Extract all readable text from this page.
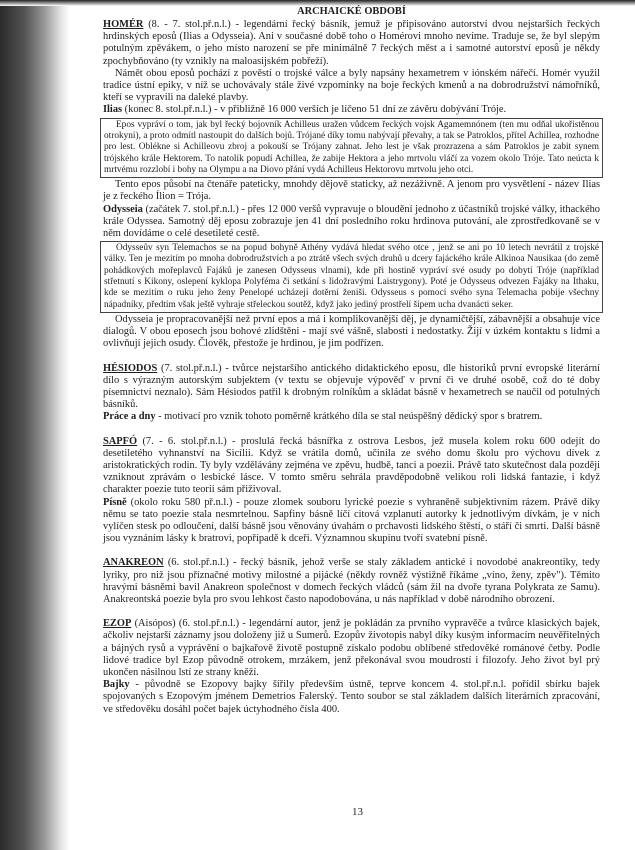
ARCHAICKÉ OBDOBÍ

HOMÉR (8. - 7. stol.př.n.l.) - legendární řecký básník, jemuž je připisováno autorství dvou nejstarších řeckých hrdinských eposů (Ilias a Odysseia). Ani v současné době toho o Homérovi mnoho nevíme. Traduje se, že byl slepým potulným zpěvákem, o jeho místo narození se pře minimálně 7 řeckých měst a i samotné autorství eposů je někdy zpochybňováno (ty vznikly na maloasijském pobřeží).

Námět obou eposů pochází z pověstí o trojské válce a byly napsány hexametrem v iónském nářečí. Homér využil tradice ústní epiky, v níž se uchovávaly stále živé vzpomínky na boje řeckých kmenů a na dobrodružství námořníků, kteří se vypravili na daleké plavby.

Ilias (konec 8. stol.př.n.l.) - v přibližně 16 000 verších je líčeno 51 dní ze závěru dobývání Tróje.

Epos vypráví o tom, jak byl řecký bojovník Achilleus uražen vůdcem řeckých vojsk Agamemnónem (ten mu odňal ukořistěnou otrokyni), a proto odmítl nastoupit do dalších bojů. Trójané díky tomu nabývají převahy, a tak se Patroklos, přítel Achillea, rozhodne pro lest. Oblékne si Achilleovu zbroj a pokouší se Trójany zahnat. Jeho lest je však prozrazena a sám Patroklos je zabit synem trójského krále Hektorem. To natolik popudí Achillea, že zabije Hektora a jeho mrtvolu vláčí za vozem okolo Tróje. Tato neúcta k mrtvému rozzlobí i bohy na Olympu a na Diovo přání vydá Achilleus Hektorovu mrtvolu jeho otci.

Tento epos působí na čtenáře pateticky, mnohdy dějově staticky, až nezáživně. A jenom pro vysvětlení - název Ilias je z řeckého Ílion = Trója.

Odysseia (začátek 7. stol.př.n.l.) - přes 12 000 veršů vypravuje o bloudění jednoho z účastníků trojské války, ithackého krále Odyssea. Samotný děj eposu zobrazuje jen 41 dní posledního roku hrdinova putování, ale zprostředkovaně se v něm dovídáme o celé desetileté cestě.

Odysseův syn Telemachos se na popud bohyně Athény vydává hledat svého otce , jenž se ani po 10 letech nevrátil z trojské války. Ten je mezitím po mnoha dobrodružstvích a po ztrátě všech svých druhů u dcery fajáckého krále Alkinoa Nausikaa (do země pohádkových mořeplavců Fajáků je zanesen Odysseus vlnami), kde při hostině vypráví své osudy po dobytí Tróje (například střetnutí s Kikony, oslepení kyklopa Polyféma či setkání s lidožravými Laistrygony). Poté je Odysseus odvezen Fajáky na Ithaku, kde se mezitím o ruku jeho ženy Penelopé ucházejí dotěrní ženiši. Odysseus s pomocí svého syna Telemacha pobije všechny nápadníky, předtím však ještě vyhraje střeleckou soutěž, když jako jediný prostřelí šípem ucha dvanácti seker.

Odysseia je propracovanější než první epos a má i komplikovanější děj, je dynamičtější, zábavnější a obsahuje více dialogů. V obou eposech jsou bohové zlidštěni - mají své vášně, slabosti i nedostatky. Žijí v úzkém kontaktu s lidmi a ovlivňují jejich osudy. Člověk, přestože je hrdinou, je jim podřízen.

HÉSIODOS (7. stol.př.n.l.) - tvůrce nejstaršího antického didaktického eposu, dle historiků první evropské literární dílo s výrazným autorským subjektem (v textu se objevuje výpověď v první či ve druhé osobě, což do té doby písemnictví neznalo). Sám Hésiodos patřil k drobným rolníkům a skládat básně v hexametrech se naučil od potulných básníků.

Práce a dny - motivací pro vznik tohoto poměrně krátkého díla se stal neúspěšný dědický spor s bratrem.

SAPFÓ (7. - 6. stol.př.n.l.) - proslulá řecká básnířka z ostrova Lesbos, jež musela kolem roku 600 odejít do desetiletého vyhnanství na Sicílii. Když se vrátila domů, učinila ze svého domu školu pro výchovu dívek z aristokratických rodin. Ty byly vzdělávány zejména ve zpěvu, hudbě, tanci a poezii. Právě tato skutečnost dala později vzniknout zprávám o lesbické lásce. V tomto směru sehrála pravděpodobně velikou roli lidská fantazie, i když charakter poezie tuto teorii sám přiživoval.

Písně (okolo roku 580 př.n.l.) - pouze zlomek souboru lyrické poezie s vyhraněně subjektivním rázem. Právě díky němu se tato poezie stala nesmrtelnou. Sapfiny básně líčí citová vzplanutí autorky k jednotlivým dívkám, je v nich vylíčen stesk po odloučení, další básně jsou věnovány úvahám o prchavosti lidského štěstí, o stáří či smrti. Další básně jsou vyznáním lásky k bratrovi, popřípadě k dceři. Významnou skupinu tvoří svatební písně.

ANAKREON (6. stol.př.n.l.) - řecký básník, jehož verše se staly základem antické i novodobé anakreontiky, tedy lyriky, pro niž jsou příznačné motivy milostné a pijácké (někdy rovněž výstižně říkáme „víno, ženy, zpěv"). Těmito hravými básněmi bavil Anakreon společnost v domech řeckých vládců (sám žil na dvoře tyrana Polykrata ze Samu). Anakreontská poezie byla pro svou lehkost často napodobována, u nás například v době národního obrození.

EZOP (Aisópos) (6. stol.př.n.l.) - legendární autor, jenž je pokládán za prvního vypravěče a tvůrce klasických bajek, ačkoliv nejstarší záznamy jsou doloženy již u Sumerů. Ezopův životopis nabyl díky kusým informacím neuvěřitelných a bájných rysů a vyprávění o bajkařově životě postupně získalo podobu oblíbené středověké románové četby. Podle lidové tradice byl Ezop původně otrokem, mrzákem, jenž překonával svou moudrostí i filozofy. Jeho život byl prý ukončen násilnou lstí ze strany kněží.

Bajky - původně se Ezopovy bajky šířily především ústně, teprve koncem 4. stol.př.n.l. pořídil sbírku bajek spojovaných s Ezopovým jménem Demetrios Falerský. Tento soubor se stal základem dalších literárních zpracování, ve středověku dosáhl počet bajek úctyhodného čísla 400.

13
